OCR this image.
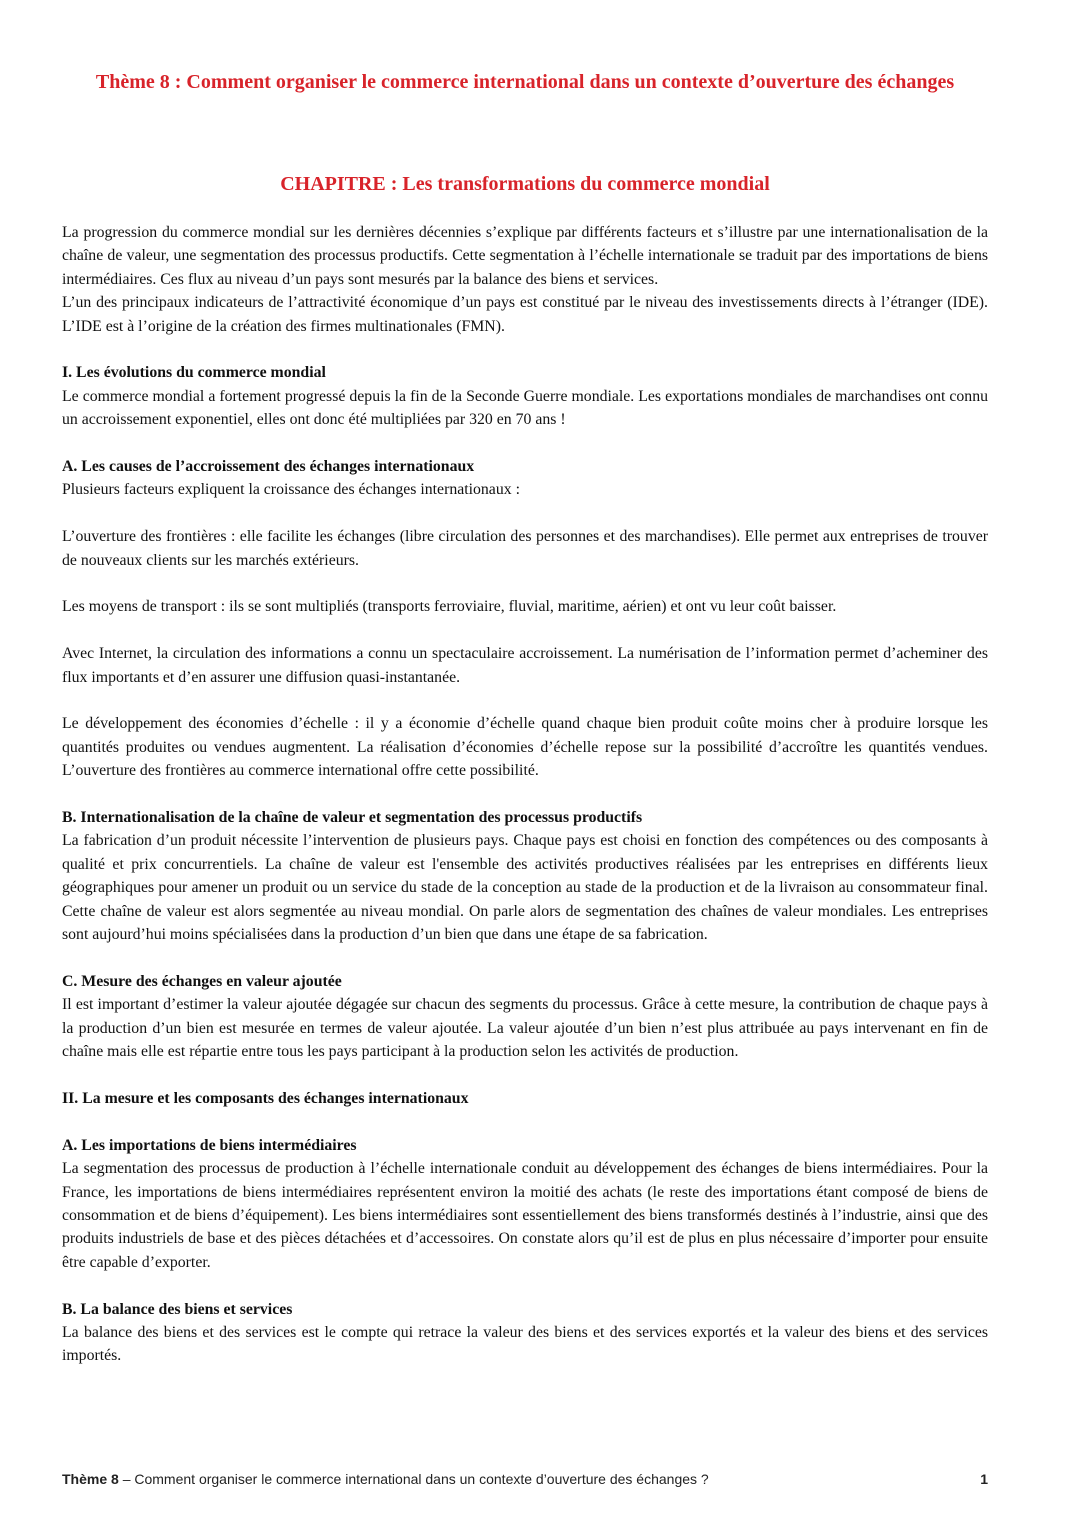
Thème 8 : Comment organiser le commerce international dans un contexte d’ouverture des échanges
CHAPITRE : Les transformations du commerce mondial

La progression du commerce mondial sur les dernières décennies s’explique par différents facteurs et s’illustre par une internationalisation de la chaîne de valeur, une segmentation des processus productifs. Cette segmentation à l’échelle internationale se traduit par des importations de biens intermédiaires. Ces flux au niveau d’un pays sont mesurés par la balance des biens et services.

L’un des principaux indicateurs de l’attractivité économique d’un pays est constitué par le niveau des investissements directs à l’étranger (IDE). L’IDE est à l’origine de la création des firmes multinationales (FMN).

I. Les évolutions du commerce mondial

Le commerce mondial a fortement progressé depuis la fin de la Seconde Guerre mondiale. Les exportations mondiales de marchandises ont connu un accroissement exponentiel, elles ont donc été multipliées par 320 en 70 ans !

A. Les causes de l’accroissement des échanges internationaux

Plusieurs facteurs expliquent la croissance des échanges internationaux :

L’ouverture des frontières : elle facilite les échanges (libre circulation des personnes et des marchandises). Elle permet aux entreprises de trouver de nouveaux clients sur les marchés extérieurs.

Les moyens de transport : ils se sont multipliés (transports ferroviaire, fluvial, maritime, aérien) et ont vu leur coût baisser.

Avec Internet, la circulation des informations a connu un spectaculaire accroissement. La numérisation de l’information permet d’acheminer des flux importants et d’en assurer une diffusion quasi-instantanée.

Le développement des économies d’échelle : il y a économie d’échelle quand chaque bien produit coûte moins cher à produire lorsque les quantités produites ou vendues augmentent. La réalisation d’économies d’échelle repose sur la possibilité d’accroître les quantités vendues. L’ouverture des frontières au commerce international offre cette possibilité.

B. Internationalisation de la chaîne de valeur et segmentation des processus productifs

La fabrication d’un produit nécessite l’intervention de plusieurs pays. Chaque pays est choisi en fonction des compétences ou des composants à qualité et prix concurrentiels. La chaîne de valeur est l'ensemble des activités productives réalisées par les entreprises en différents lieux géographiques pour amener un produit ou un service du stade de la conception au stade de la production et de la livraison au consommateur final. Cette chaîne de valeur est alors segmentée au niveau mondial. On parle alors de segmentation des chaînes de valeur mondiales. Les entreprises sont aujourd’hui moins spécialisées dans la production d’un bien que dans une étape de sa fabrication.

C. Mesure des échanges en valeur ajoutée

Il est important d’estimer la valeur ajoutée dégagée sur chacun des segments du processus. Grâce à cette mesure, la contribution de chaque pays à la production d’un bien est mesurée en termes de valeur ajoutée. La valeur ajoutée d’un bien n’est plus attribuée au pays intervenant en fin de chaîne mais elle est répartie entre tous les pays participant à la production selon les activités de production.

II. La mesure et les composants des échanges internationaux

A. Les importations de biens intermédiaires

La segmentation des processus de production à l’échelle internationale conduit au développement des échanges de biens intermédiaires. Pour la France, les importations de biens intermédiaires représentent environ la moitié des achats (le reste des importations étant composé de biens de consommation et de biens d’équipement). Les biens intermédiaires sont essentiellement des biens transformés destinés à l’industrie, ainsi que des produits industriels de base et des pièces détachées et d’accessoires. On constate alors qu’il est de plus en plus nécessaire d’importer pour ensuite être capable d’exporter.

B. La balance des biens et services

La balance des biens et des services est le compte qui retrace la valeur des biens et des services exportés et la valeur des biens et des services importés.

Thème 8 – Comment organiser le commerce international dans un contexte d’ouverture des échanges ?	1
